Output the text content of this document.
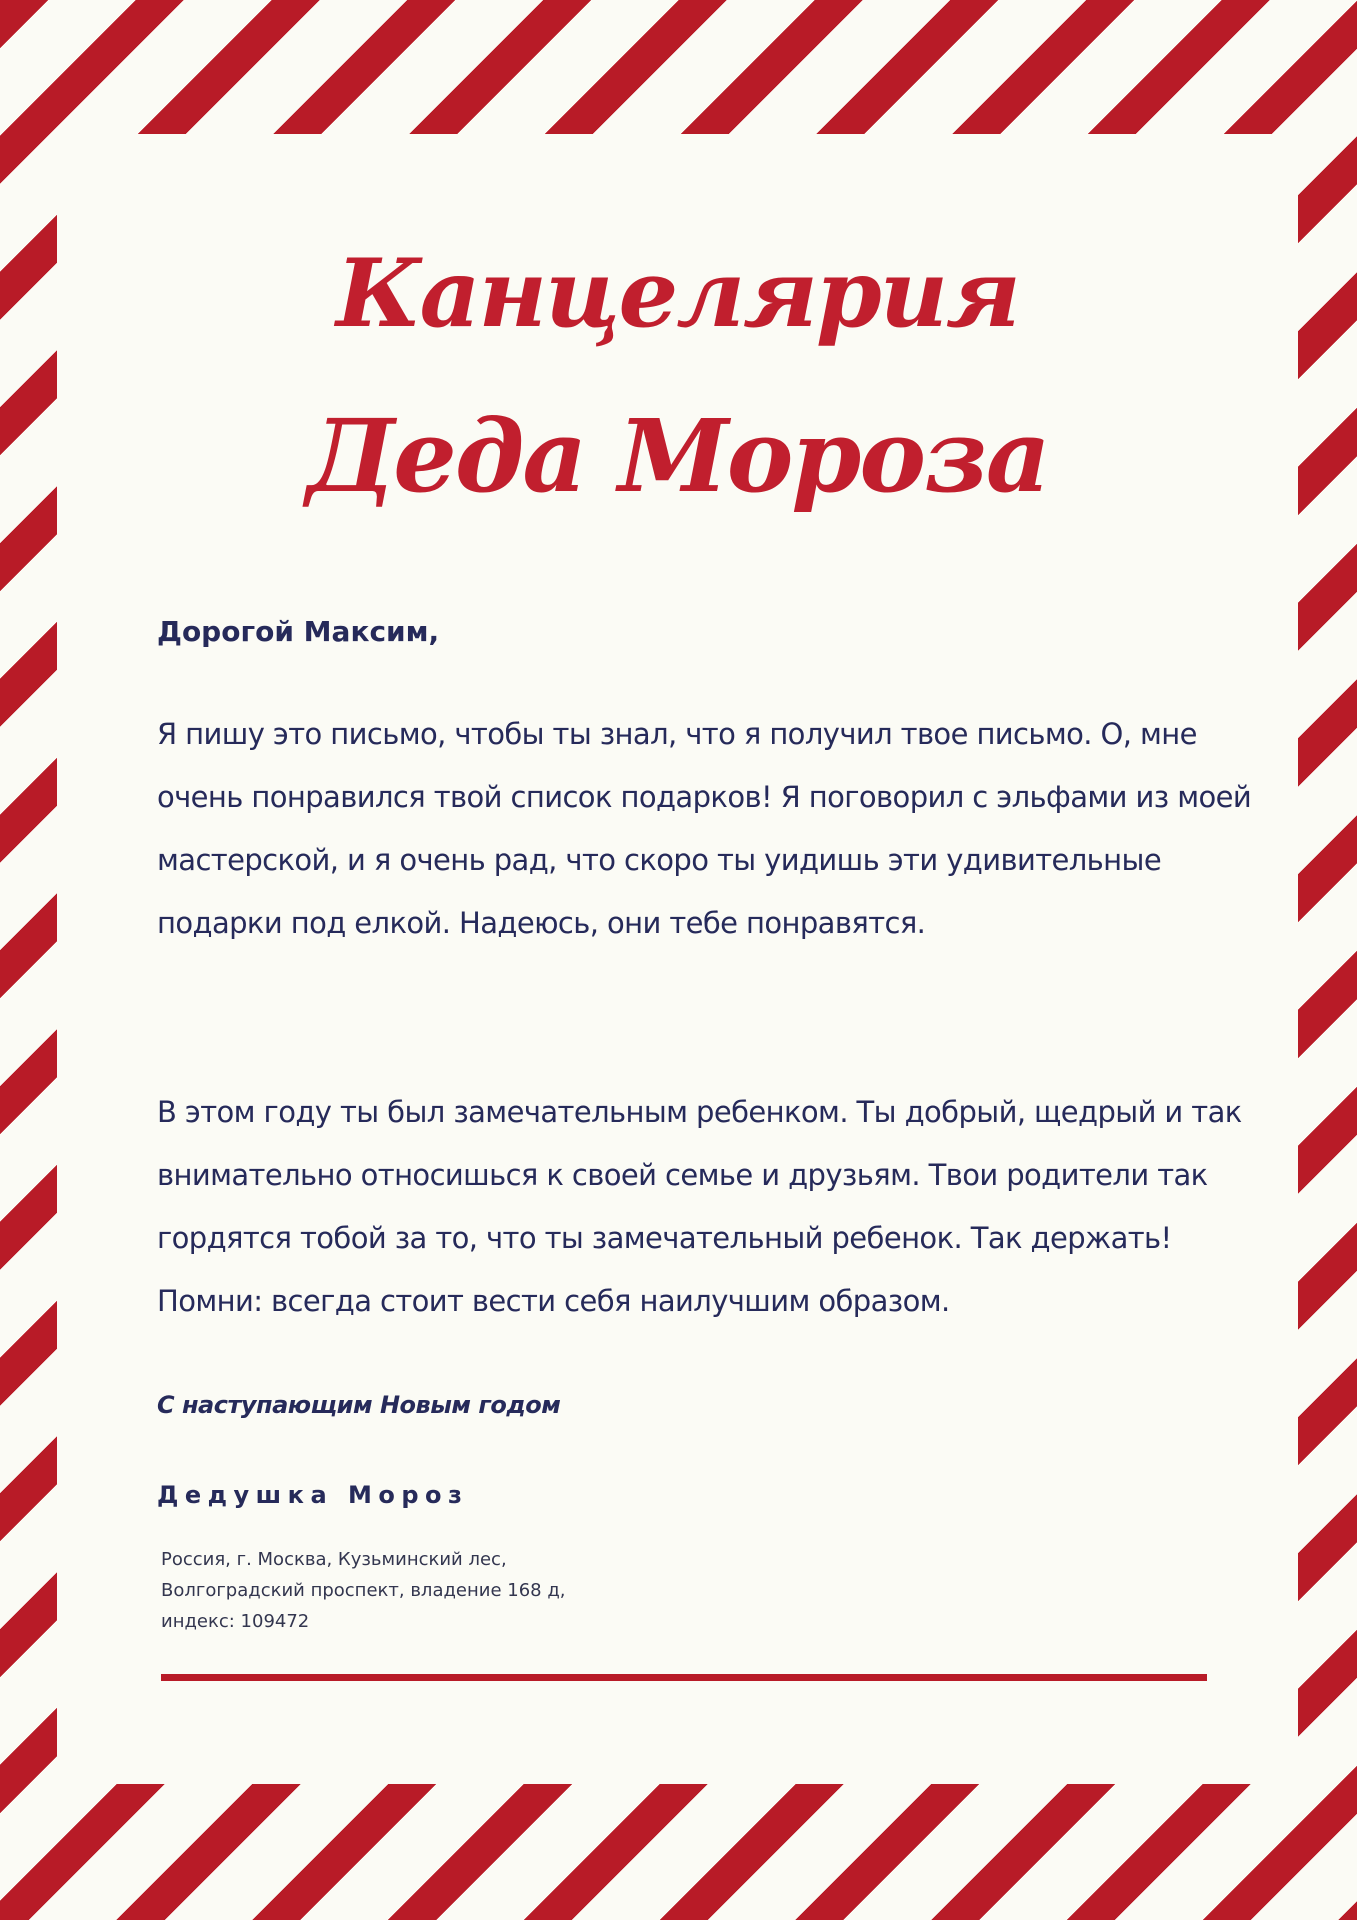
Канцелярия
Деда Мороза

Дорогой Максим,

Я пишу это письмо, чтобы ты знал, что я получил твое письмо. О, мне очень понравился твой список подарков! Я поговорил с эльфами из моей мастерской, и я очень рад, что скоро ты уидишь эти удивительные подарки под елкой. Надеюсь, они тебе понравятся.

В этом году ты был замечательным ребенком. Ты добрый, щедрый и так внимательно относишься к своей семье и друзьям. Твои родители так гордятся тобой за то, что ты замечательный ребенок. Так держать! Помни: всегда стоит вести себя наилучшим образом.

С наступающим Новым годом

Дедушка Мороз

Россия, г. Москва, Кузьминский лес,
Волгоградский проспект, владение 168 д,
индекс: 109472
